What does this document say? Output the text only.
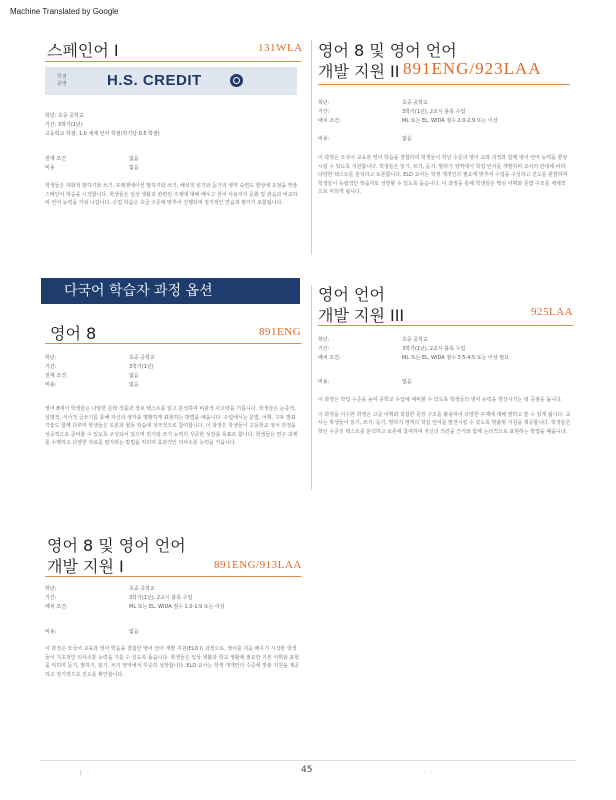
Machine Translated by Google
스페인어 I	131WLA
학점 증명	H.S. CREDIT
학년: 초중 공학교
기간: 3학기(1년)
고등학교 학점: 1.0 세계 언어 학점(학기당 0.5 학점)
전제 조건	없음
비용	없음

학생들은 대화적 말하기와 쓰기, 프레젠테이션 말하기와 쓰기, 해석적 읽기와 듣기의 영역 숙련도 향상에 초점을 맞춘 스페인어 학습을 시작합니다. 학생들은 일상 생활과 관련된 주제에 대해 배우고 원어 사용자의 문화 및 관습과 비교하며 언어 능력을 키워 나갑니다. 수업 학습은 초급 수준에 맞추어 진행되며 정기적인 연습과 평가가 포함됩니다.

영어 8 및 영어 언어
개발 지원 II 891ENG/923LAA
학년:	초중 공학교
기간:	3학기(1년), 2교시 블록 수업
배치 조건:	ML 또는 EL, WIDA 점수 2.0-2.9 또는 이상
비용:	없음

이 과정은 모국어 교육과 영어 학습을 결합하여 학생들이 학년 수준의 영어 교과 과정과 함께 영어 언어 능력을 향상시킬 수 있도록 지원합니다. 학생들은 읽기, 쓰기, 듣기, 말하기 영역에서 학업 언어를 개발하며 교사의 안내에 따라 다양한 텍스트를 분석하고 토론합니다. ELD 교사는 학생 개개인의 필요에 맞추어 수업을 구성하고 진도를 관찰하며 학생들이 독립적인 학습자로 성장할 수 있도록 돕습니다. 이 과정을 통해 학생들은 핵심 어휘와 문법 구조를 체계적으로 익히게 됩니다.

다국어 학습자 과정 옵션
영어 8	891ENG
학년:	초중 공학교
기간:	3학기(1년)
전제 조건:	없음
비용:	없음

영어 8에서 학생들은 다양한 문학 작품과 정보 텍스트를 읽고 분석하며 비판적 사고력을 기릅니다. 학생들은 논증적, 설명적, 서사적 글쓰기를 통해 자신의 생각을 명확하게 표현하는 방법을 배웁니다. 수업에서는 문법, 어휘, 구두 발표 기술도 함께 다루며 학생들은 토론과 협동 학습에 적극적으로 참여합니다. 이 과정은 학생들이 고등학교 영어 과정을 성공적으로 준비할 수 있도록 구성되어 있으며 읽기와 쓰기 능력의 꾸준한 성장을 목표로 합니다. 학생들은 연구 과제를 수행하고 다양한 자료를 평가하는 방법을 익히며 효과적인 의사소통 능력을 키웁니다.

영어 언어
개발 지원 III	925LAA
학년:	초중 공학교
기간:	3학기(1년), 2교시 블록 수업
배치 조건:	ML 또는 EL, WIDA 점수 3.5-4.5 또는 이상 필요
비용:	없음

이 과정은 학업 수준을 높여 중학교 수업에 대비할 수 있도록 학생들의 영어 능력을 향상시키는 데 중점을 둡니다.

이 과정을 이수한 학생은 고급 어휘와 복잡한 문장 구조를 활용하여 다양한 주제에 대해 말하고 쓸 수 있게 됩니다. 교사는 학생들이 읽기, 쓰기, 듣기, 말하기 영역의 학업 언어를 발전시킬 수 있도록 맞춤형 지원을 제공합니다. 학생들은 학년 수준의 텍스트를 분석하고 토론에 참여하며 자신의 의견을 근거와 함께 논리적으로 표현하는 방법을 배웁니다.

영어 8 및 영어 언어
개발 지원 I	891ENG/913LAA
학년:	초중 공학교
기간:	3학기(1년), 2교시 블록 수업
배치 조건:	ML 또는 EL, WIDA 점수 1.0-1.9 또는 이상
비용:	없음

이 과정은 모국어 교육과 영어 학습을 결합한 영어 언어 개발 지원(ELD I) 과정으로, 영어를 처음 배우기 시작한 학생들이 기초적인 의사소통 능력을 기를 수 있도록 돕습니다. 학생들은 일상 생활과 학교 생활에 필요한 기본 어휘와 표현을 익히며 듣기, 말하기, 읽기, 쓰기 영역에서 꾸준히 성장합니다. ELD 교사는 학생 개개인의 수준에 맞춘 지원을 제공하고 정기적으로 진도를 확인합니다.

· · · · · | · ·	45	· · · · · · · · · · · · · · ·
